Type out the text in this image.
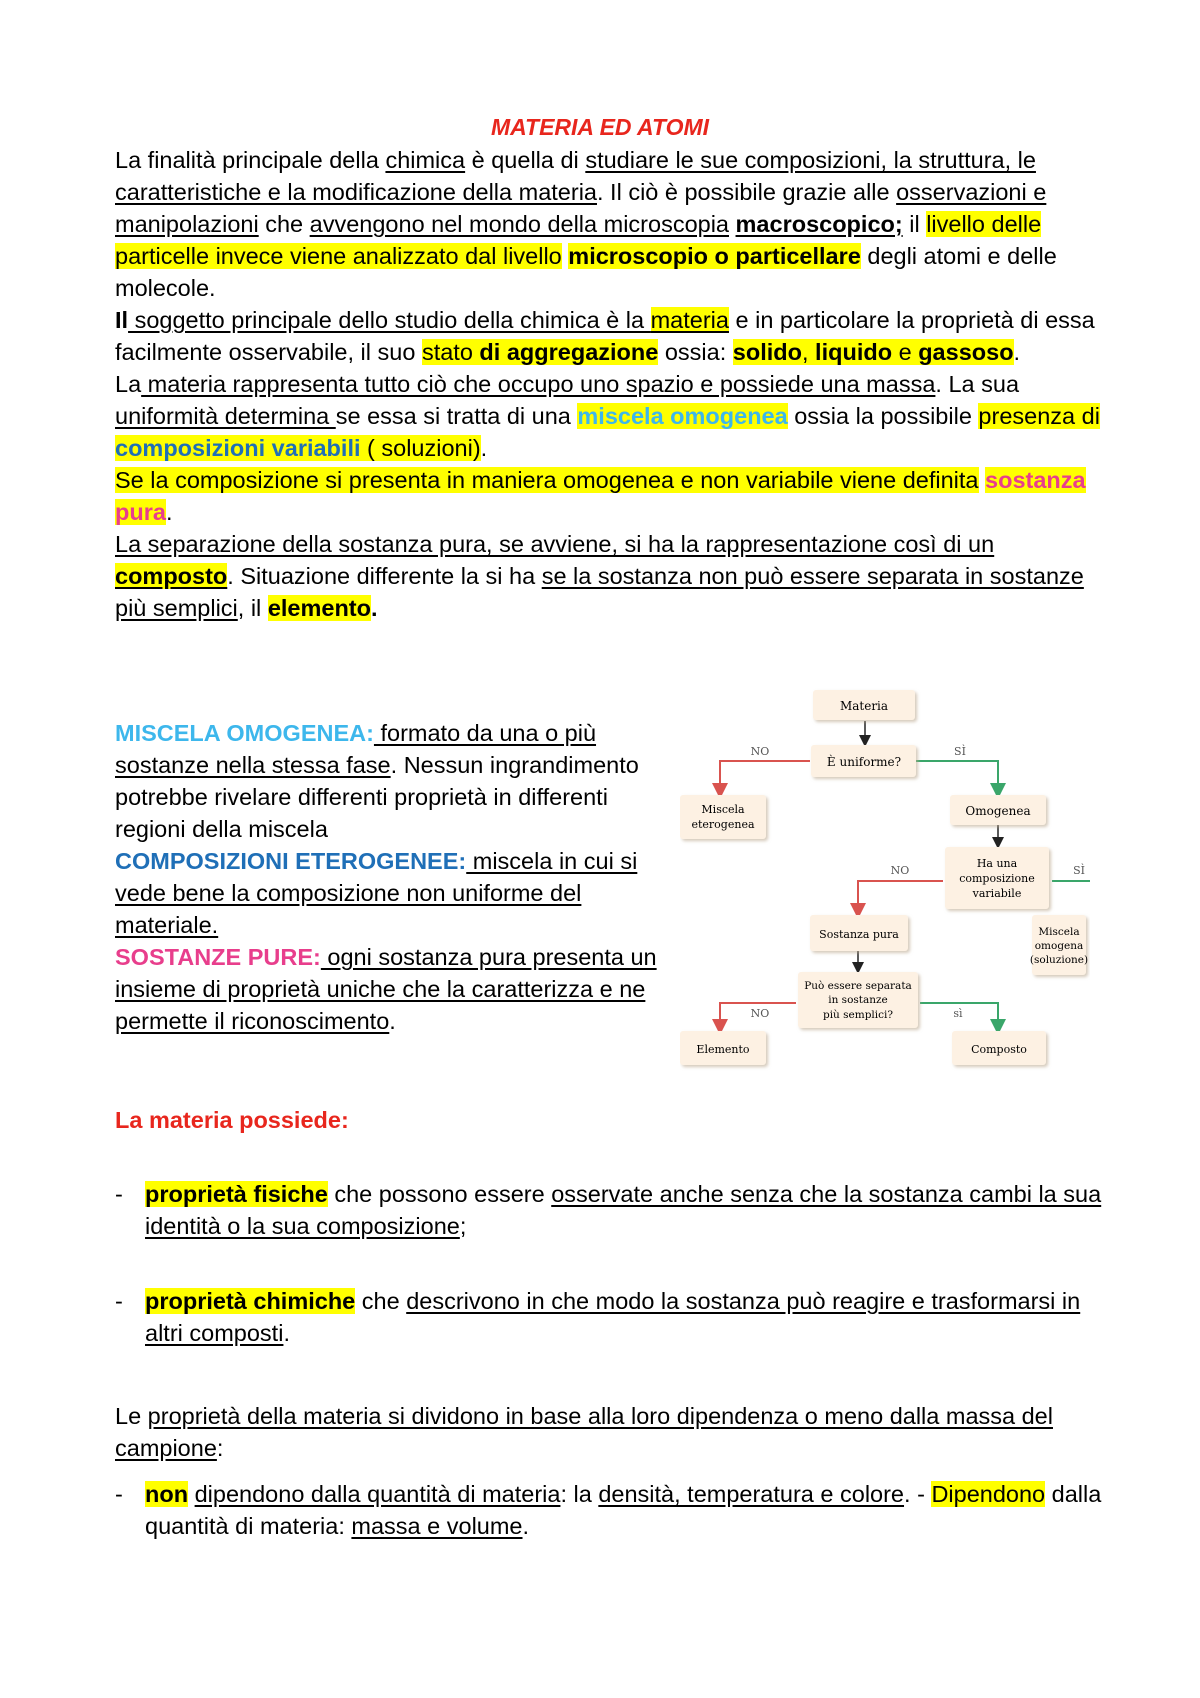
MATERIA ED ATOMI

La finalità principale della chimica è quella di studiare le sue composizioni, la struttura, le caratteristiche e la modificazione della materia. Il ciò è possibile grazie alle osservazioni e manipolazioni che avvengono nel mondo della microscopia macroscopico; il livello delle particelle invece viene analizzato dal livello microscopio o particellare degli atomi e delle molecole.

Il soggetto principale dello studio della chimica è la materia e in particolare la proprietà di essa facilmente osservabile, il suo stato di aggregazione ossia: solido, liquido e gassoso.

La materia rappresenta tutto ciò che occupo uno spazio e possiede una massa. La sua uniformità determina se essa si tratta di una miscela omogenea ossia la possibile presenza di composizioni variabili ( soluzioni).

Se la composizione si presenta in maniera omogenea e non variabile viene definita sostanza pura.

La separazione della sostanza pura, se avviene, si ha la rappresentazione così di un composto. Situazione differente la si ha se la sostanza non può essere separata in sostanze più semplici, il elemento.

MISCELA OMOGENEA: formato da una o più sostanze nella stessa fase. Nessun ingrandimento potrebbe rivelare differenti proprietà in differenti regioni della miscela

COMPOSIZIONI ETEROGENEE: miscela in cui si vede bene la composizione non uniforme del materiale.

SOSTANZE PURE: ogni sostanza pura presenta un insieme di proprietà uniche che la caratterizza e ne permette il riconoscimento.

Materia
È uniforme?
NO	SÌ
Miscela
eterogenea
Omogenea
Ha una
composizione
variabile
NO	SÌ
Sostanza pura	Miscela
omogena
(soluzione)
Può essere separata
in sostanze
più semplici?
NO	sì
Elemento	Composto
La materia possiede:

- proprietà fisiche che possono essere osservate anche senza che la sostanza cambi la sua identità o la sua composizione;

- proprietà chimiche che descrivono in che modo la sostanza può reagire e trasformarsi in altri composti.

Le proprietà della materia si dividono in base alla loro dipendenza o meno dalla massa del campione:

- non dipendono dalla quantità di materia: la densità, temperatura e colore. - Dipendono dalla quantità di materia: massa e volume.
